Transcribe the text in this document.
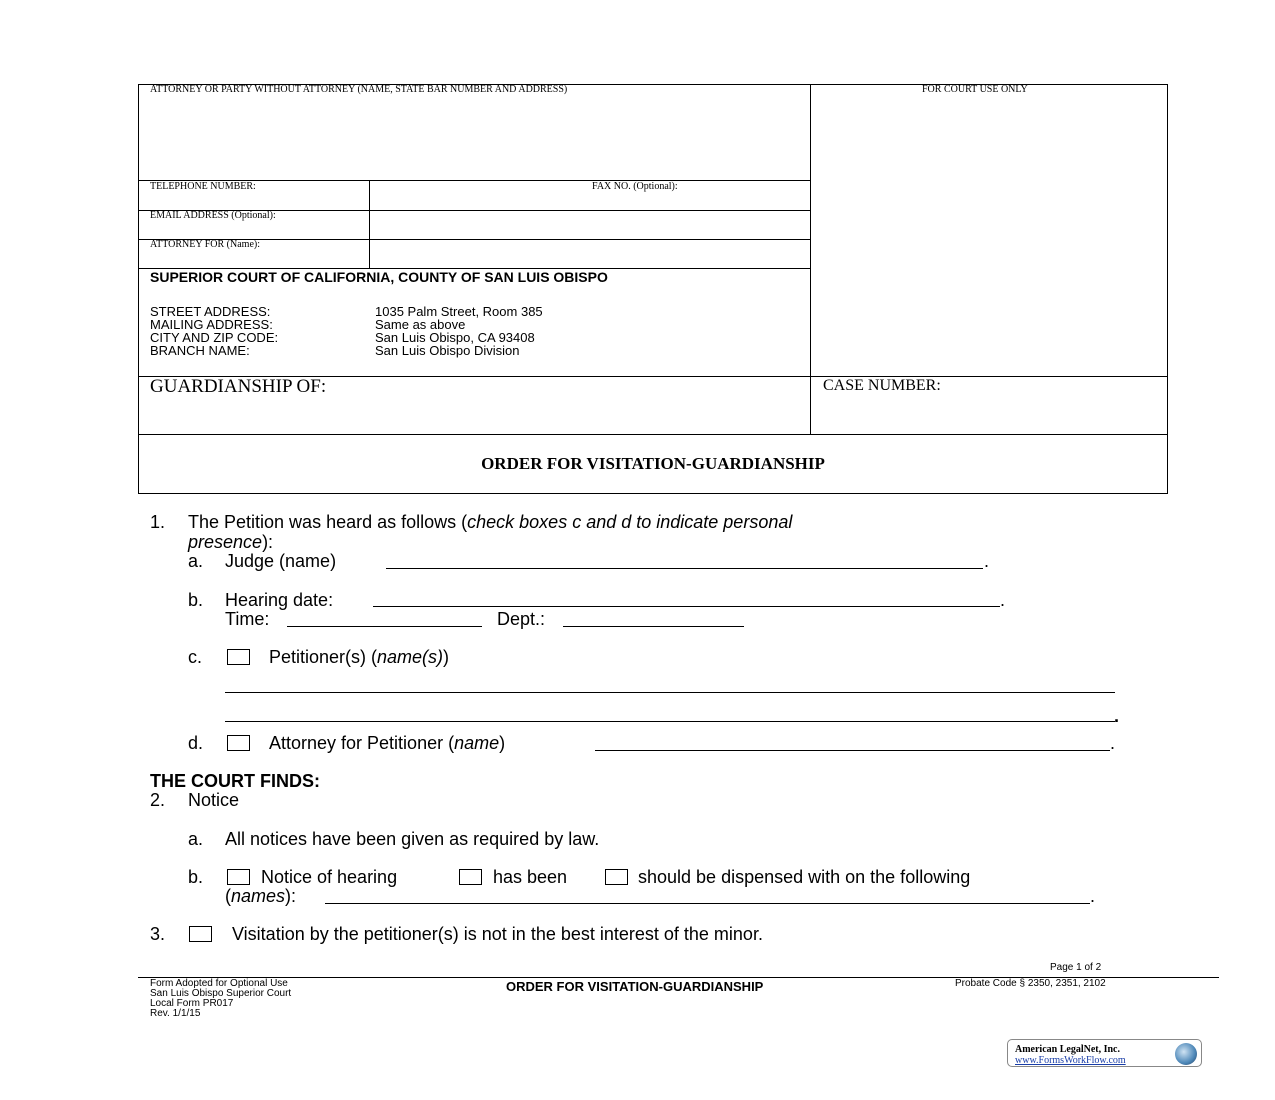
ATTORNEY OR PARTY WITHOUT ATTORNEY (NAME, STATE BAR NUMBER AND ADDRESS)	FOR COURT USE ONLY
TELEPHONE NUMBER:	FAX NO. (Optional):
EMAIL ADDRESS (Optional):
ATTORNEY FOR (Name):
SUPERIOR COURT OF CALIFORNIA, COUNTY OF SAN LUIS OBISPO
STREET ADDRESS:	1035 Palm Street, Room 385
MAILING ADDRESS:	Same as above
CITY AND ZIP CODE:	San Luis Obispo, CA 93408
BRANCH NAME:	San Luis Obispo Division
GUARDIANSHIP OF:	CASE NUMBER:
ORDER FOR VISITATION-GUARDIANSHIP
1. The Petition was heard as follows (check boxes c and d to indicate personal
presence):
a. Judge (name)	.
b. Hearing date:	.
Time:	Dept.:
c.	Petitioner(s) (name(s))
.
d.	Attorney for Petitioner (name)	.
THE COURT FINDS:
2. Notice
a. All notices have been given as required by law.
b.	Notice of hearing	has been	should be dispensed with on the following
(names):	.
3.	Visitation by the petitioner(s) is not in the best interest of the minor.
Page 1 of 2
Form Adopted for Optional Use
San Luis Obispo Superior Court
Local Form PR017
Rev. 1/1/15
ORDER FOR VISITATION-GUARDIANSHIP	Probate Code § 2350, 2351, 2102
American LegalNet, Inc.
www.FormsWorkFlow.com
